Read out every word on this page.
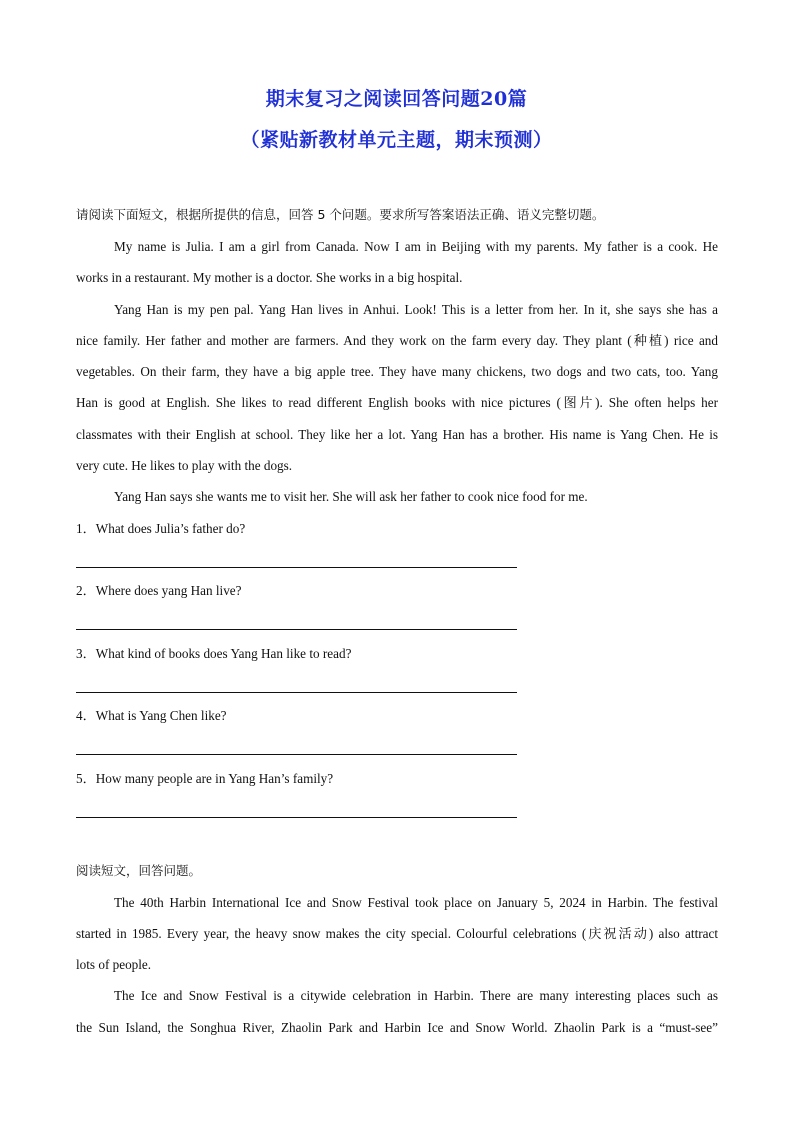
期末复习之阅读回答问题20篇
（紧贴新教材单元主题，期末预测）
请阅读下面短文，根据所提供的信息，回答 5 个问题。要求所写答案语法正确、语义完整切题。
My name is Julia. I am a girl from Canada. Now I am in Beijing with my parents. My father is a cook. He
works in a restaurant. My mother is a doctor. She works in a big hospital.
Yang Han is my pen pal. Yang Han lives in Anhui. Look! This is a letter from her. In it, she says she has a
nice family. Her father and mother are farmers. And they work on the farm every day. They plant (种植) rice and
vegetables. On their farm, they have a big apple tree. They have many chickens, two dogs and two cats, too. Yang
Han is good at English. She likes to read different English books with nice pictures (图片). She often helps her
classmates with their English at school. They like her a lot. Yang Han has a brother. His name is Yang Chen. He is
very cute. He likes to play with the dogs.
Yang Han says she wants me to visit her. She will ask her father to cook nice food for me.
1．What does Julia’s father do?
2．Where does yang Han live?
3．What kind of books does Yang Han like to read?
4．What is Yang Chen like?
5．How many people are in Yang Han’s family?
阅读短文，回答问题。
The 40th Harbin International Ice and Snow Festival took place on January 5, 2024 in Harbin. The festival
started in 1985. Every year, the heavy snow makes the city special. Colourful celebrations (庆祝活动) also attract
lots of people.
The Ice and Snow Festival is a citywide celebration in Harbin. There are many interesting places such as
the Sun Island, the Songhua River, Zhaolin Park and Harbin Ice and Snow World. Zhaolin Park is a “must-see”
